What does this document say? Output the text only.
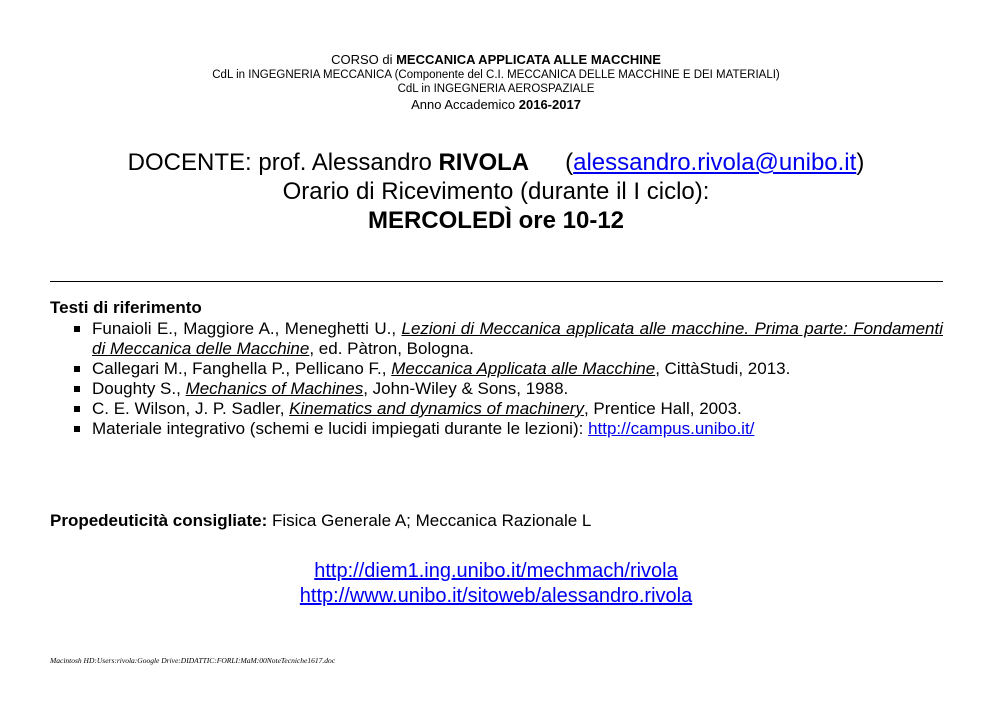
CORSO di MECCANICA APPLICATA ALLE MACCHINE
CdL in INGEGNERIA MECCANICA (Componente del C.I. MECCANICA DELLE MACCHINE E DEI MATERIALI)
CdL in INGEGNERIA AEROSPAZIALE
Anno Accademico 2016-2017
DOCENTE: prof. Alessandro RIVOLA (alessandro.rivola@unibo.it)
Orario di Ricevimento (durante il I ciclo):
MERCOLEDÌ ore 10-12
Testi di riferimento
Funaioli E., Maggiore A., Meneghetti U., Lezioni di Meccanica applicata alle macchine. Prima parte: Fondamenti di Meccanica delle Macchine, ed. Pàtron, Bologna.
Callegari M., Fanghella P., Pellicano F., Meccanica Applicata alle Macchine, CittàStudi, 2013.
Doughty S., Mechanics of Machines, John-Wiley & Sons, 1988.
C. E. Wilson, J. P. Sadler, Kinematics and dynamics of machinery, Prentice Hall, 2003.
Materiale integrativo (schemi e lucidi impiegati durante le lezioni): http://campus.unibo.it/
Propedeuticità consigliate: Fisica Generale A; Meccanica Razionale L
http://diem1.ing.unibo.it/mechmach/rivola
http://www.unibo.it/sitoweb/alessandro.rivola
Macintosh HD:Users:rivola:Google Drive:DIDATTIC:FORLI:MaM:00NoteTecniche1617.doc
